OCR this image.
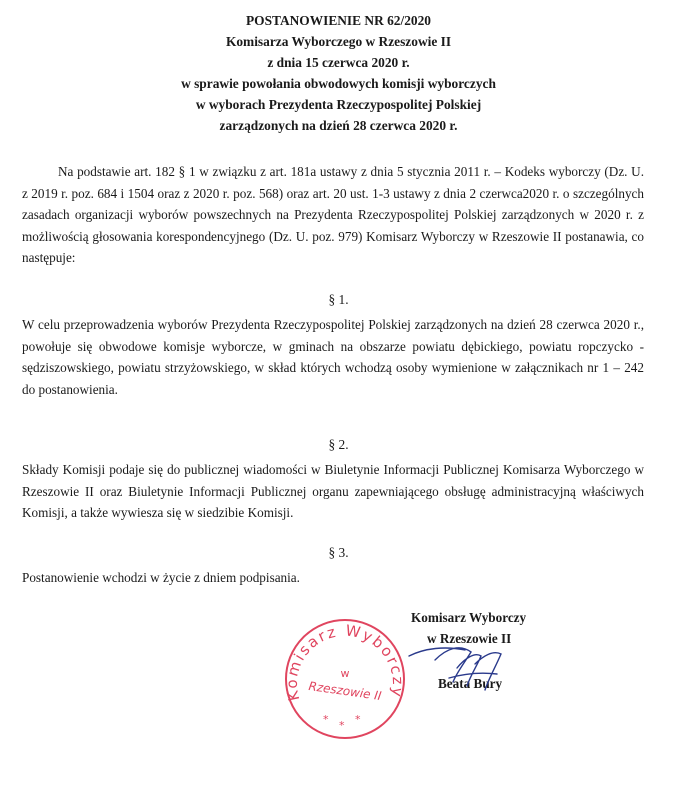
POSTANOWIENIE NR 62/2020
Komisarza Wyborczego w Rzeszowie II
z dnia 15 czerwca 2020 r.
w sprawie powołania obwodowych komisji wyborczych
w wyborach Prezydenta Rzeczypospolitej Polskiej
zarządzonych na dzień 28 czerwca 2020 r.
Na podstawie art. 182 § 1 w związku z art. 181a ustawy z dnia 5 stycznia 2011 r. – Kodeks wyborczy (Dz. U. z 2019 r. poz. 684 i 1504 oraz z 2020 r. poz. 568) oraz art. 20 ust. 1-3 ustawy z dnia 2 czerwca2020 r. o szczególnych zasadach organizacji wyborów powszechnych na Prezydenta Rzeczypospolitej Polskiej zarządzonych w 2020 r. z możliwością głosowania korespondencyjnego (Dz. U. poz. 979) Komisarz Wyborczy w Rzeszowie II postanawia, co następuje:
§ 1.
W celu przeprowadzenia wyborów Prezydenta Rzeczypospolitej Polskiej zarządzonych na dzień 28 czerwca 2020 r., powołuje się obwodowe komisje wyborcze, w gminach na obszarze powiatu dębickiego, powiatu ropczycko - sędziszowskiego, powiatu strzyżowskiego, w skład których wchodzą osoby wymienione w załącznikach nr 1 – 242 do postanowienia.
§ 2.
Składy Komisji podaje się do publicznej wiadomości w Biuletynie Informacji Publicznej Komisarza Wyborczego w Rzeszowie II oraz Biuletynie Informacji Publicznej organu zapewniającego obsługę administracyjną właściwych Komisji, a także wywiesza się w siedzibie Komisji.
§ 3.
Postanowienie wchodzi w życie z dniem podpisania.
Komisarz Wyborczy
w Rzeszowie II
Beata Bury
Komisarz Wyborczy
w
Rzeszowie II
* * *
